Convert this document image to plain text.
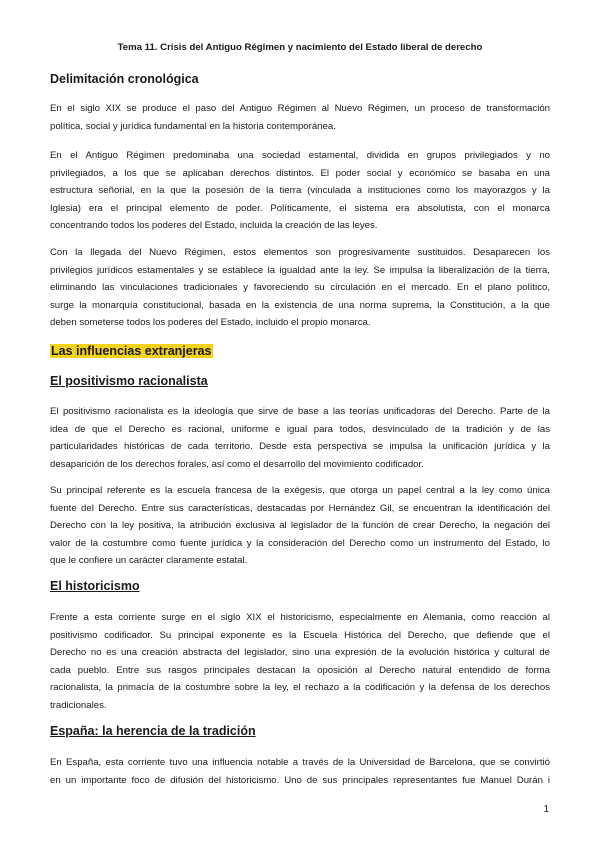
Tema 11. Crisis del Antiguo Régimen y nacimiento del Estado liberal de derecho
Delimitación cronológica
En el siglo XIX se produce el paso del Antiguo Régimen al Nuevo Régimen, un proceso de transformación
política, social y jurídica fundamental en la historia contemporánea.
En el Antiguo Régimen predominaba una sociedad estamental, dividida en grupos privilegiados y no
privilegiados, a los que se aplicaban derechos distintos. El poder social y económico se basaba en una
estructura señorial, en la que la posesión de la tierra (vinculada a instituciones como los mayorazgos y la
Iglesia) era el principal elemento de poder. Políticamente, el sistema era absolutista, con el monarca
concentrando todos los poderes del Estado, incluida la creación de las leyes.
Con la llegada del Nuevo Régimen, estos elementos son progresivamente sustituidos. Desaparecen los
privilegios jurídicos estamentales y se establece la igualdad ante la ley. Se impulsa la liberalización de la tierra,
eliminando las vinculaciones tradicionales y favoreciendo su circulación en el mercado. En el plano político,
surge la monarquía constitucional, basada en la existencia de una norma suprema, la Constitución, a la que
deben someterse todos los poderes del Estado, incluido el propio monarca.
Las influencias extranjeras
El positivismo racionalista
El positivismo racionalista es la ideología que sirve de base a las teorías unificadoras del Derecho. Parte de la
idea de que el Derecho es racional, uniforme e igual para todos, desvinculado de la tradición y de las
particularidades históricas de cada territorio. Desde esta perspectiva se impulsa la unificación jurídica y la
desaparición de los derechos forales, así como el desarrollo del movimiento codificador.
Su principal referente es la escuela francesa de la exégesis, que otorga un papel central a la ley como única
fuente del Derecho. Entre sus características, destacadas por Hernández Gil, se encuentran la identificación del
Derecho con la ley positiva, la atribución exclusiva al legislador de la función de crear Derecho, la negación del
valor de la costumbre como fuente jurídica y la consideración del Derecho como un instrumento del Estado, lo
que le confiere un carácter claramente estatal.
El historicismo
Frente a esta corriente surge en el siglo XIX el historicismo, especialmente en Alemania, como reacción al
positivismo codificador. Su principal exponente es la Escuela Histórica del Derecho, que defiende que el
Derecho no es una creación abstracta del legislador, sino una expresión de la evolución histórica y cultural de
cada pueblo. Entre sus rasgos principales destacan la oposición al Derecho natural entendido de forma
racionalista, la primacía de la costumbre sobre la ley, el rechazo a la codificación y la defensa de los derechos
tradicionales.
España: la herencia de la tradición
En España, esta corriente tuvo una influencia notable a través de la Universidad de Barcelona, que se convirtió
en un importante foco de difusión del historicismo. Uno de sus principales representantes fue Manuel Durán i
1
